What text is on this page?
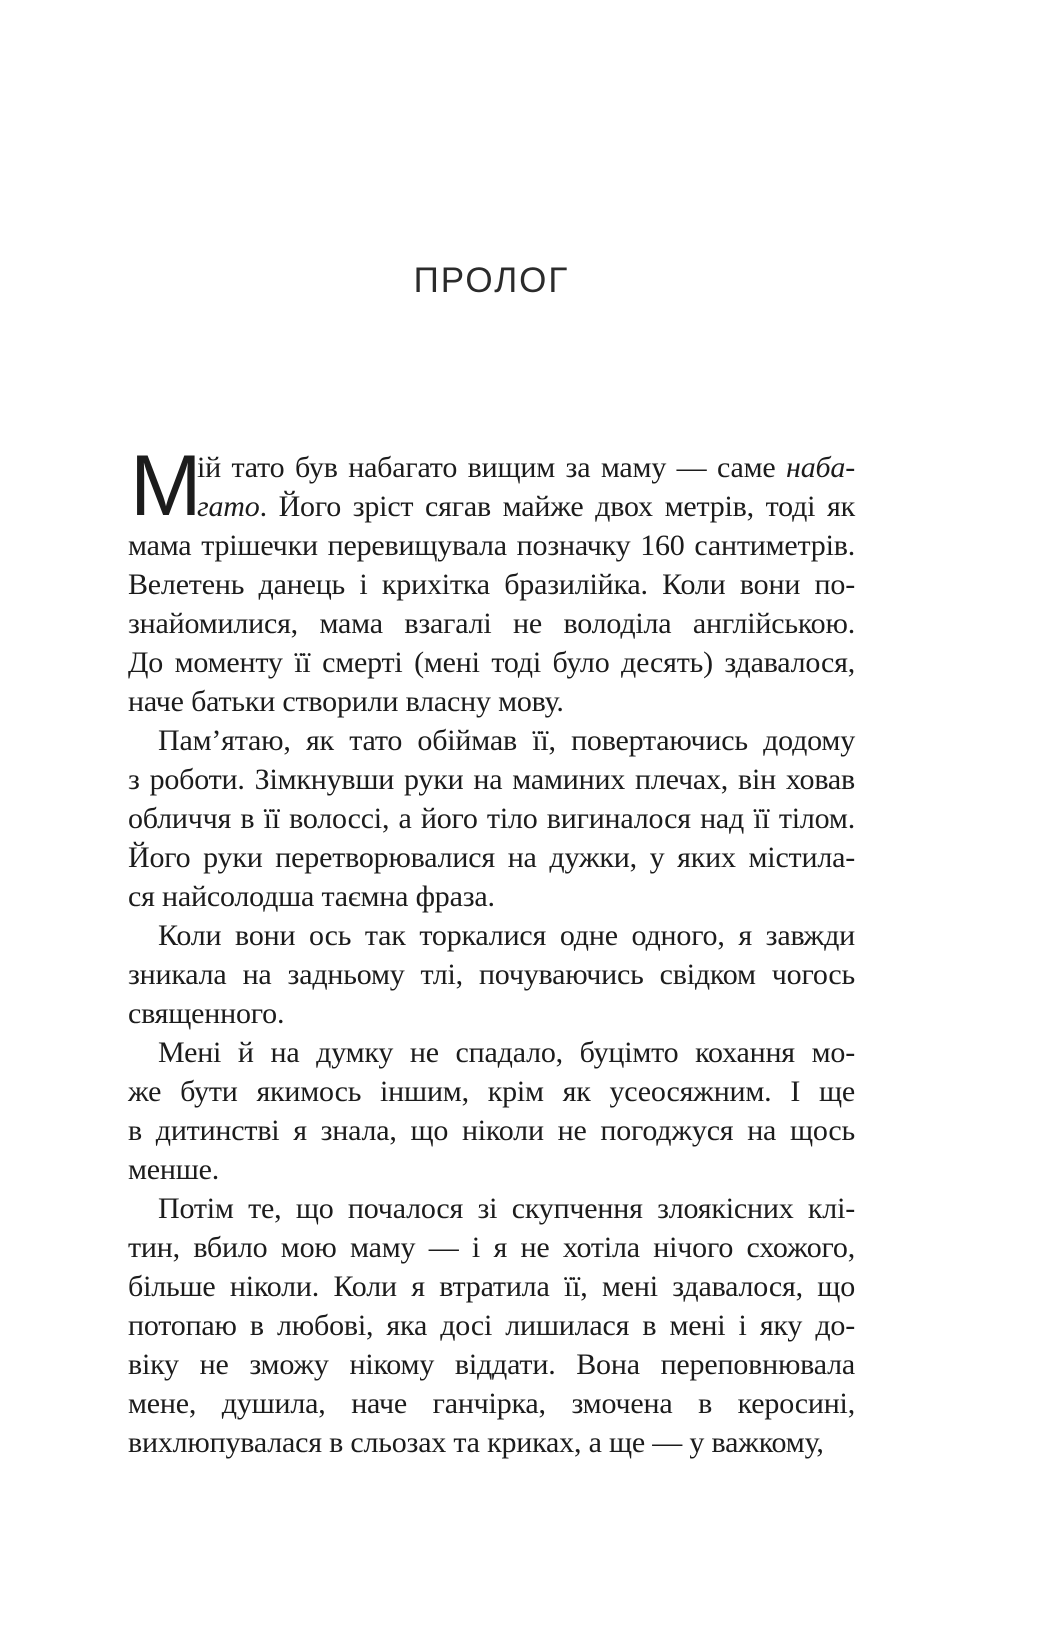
ПРОЛОГ
М
ій тато був набагато вищим за маму — саме наба-
гато. Його зріст сягав майже двох метрів, тоді як
мама трішечки перевищувала позначку 160 сантиметрів.
Велетень данець і крихітка бразилійка. Коли вони по-
знайомилися, мама взагалі не володіла англійською.
До моменту її смерті (мені тоді було десять) здавалося,
наче батьки створили власну мову.
Пам’ятаю, як тато обіймав її, повертаючись додому
з роботи. Зімкнувши руки на маминих плечах, він ховав
обличчя в її волоссі, а його тіло вигиналося над її тілом.
Його руки перетворювалися на дужки, у яких містила-
ся найсолодша таємна фраза.
Коли вони ось так торкалися одне одного, я завжди
зникала на задньому тлі, почуваючись свідком чогось
священного.
Мені й на думку не спадало, буцімто кохання мо-
же бути якимось іншим, крім як усеосяжним. І ще
в дитинстві я знала, що ніколи не погоджуся на щось
менше.
Потім те, що почалося зі скупчення злоякісних клі-
тин, вбило мою маму — і я не хотіла нічого схожого,
більше ніколи. Коли я втратила її, мені здавалося, що
потопаю в любові, яка досі лишилася в мені і яку до-
віку не зможу нікому віддати. Вона переповнювала
мене, душила, наче ганчірка, змочена в керосині,
вихлюпувалася в сльозах та криках, а ще — у важкому,
